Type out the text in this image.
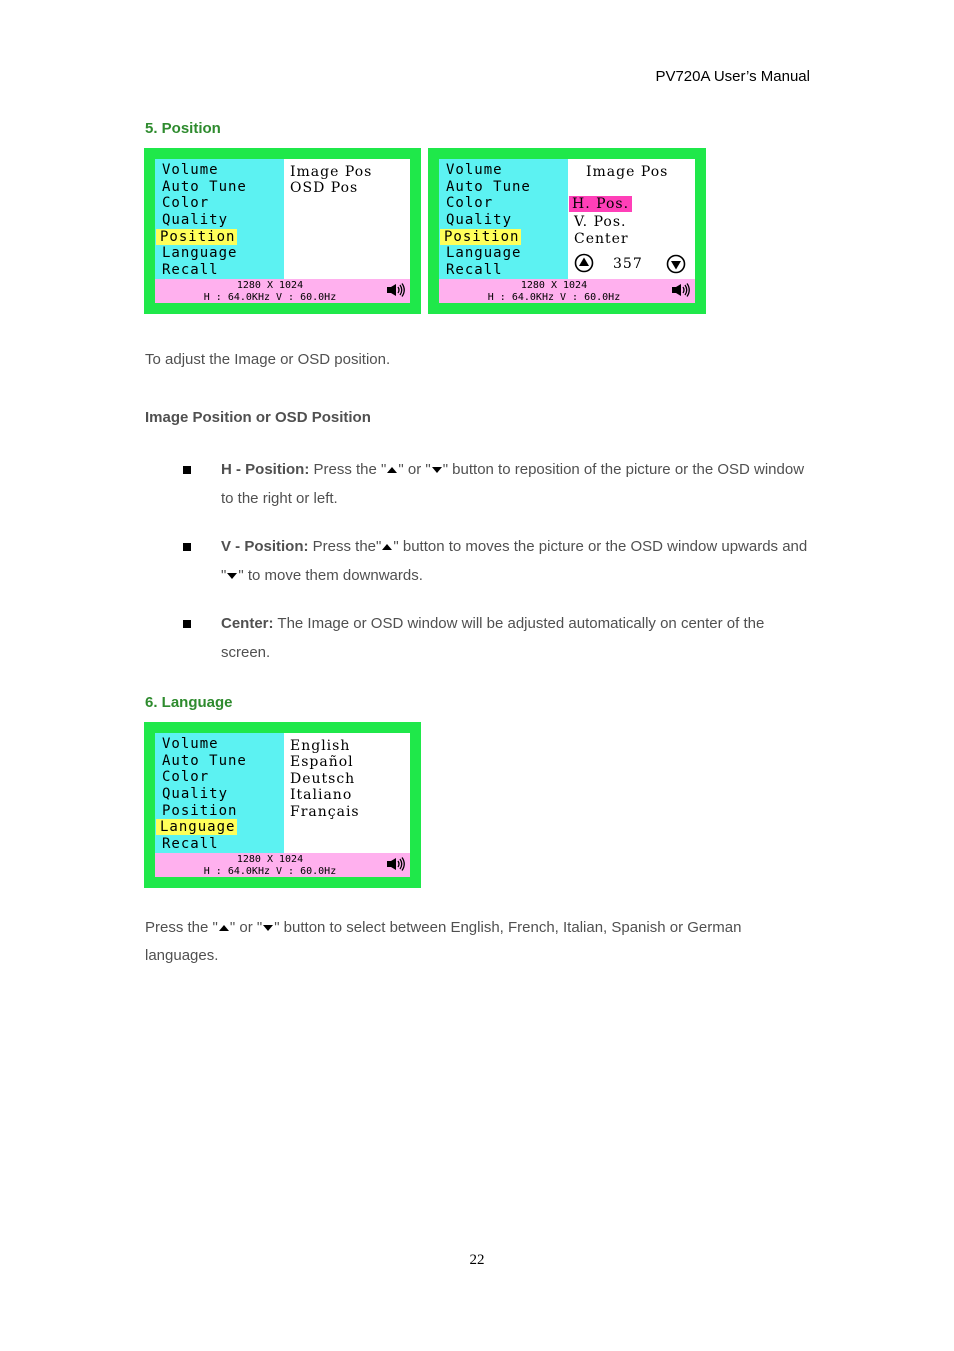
PV720A User’s Manual
5. Position
Volume
Auto Tune
Color
Quality
Position
Language
Recall
Image Pos
OSD Pos
1280 X 1024
H : 64.0KHz V : 60.0Hz
Volume
Auto Tune
Color
Quality
Position
Language
Recall
Image Pos
H. Pos.
V. Pos.
Center
357
1280 X 1024
H : 64.0KHz V : 60.0Hz
To adjust the Image or OSD position.
Image Position or OSD Position
H - Position: Press the " " or " " button to reposition of the picture or the OSD window to the right or left.
V - Position: Press the" " button to moves the picture or the OSD window upwards and " " to move them downwards.
Center: The Image or OSD window will be adjusted automatically on center of the screen.
6. Language
Volume
Auto Tune
Color
Quality
Position
Language
Recall
English
Español
Deutsch
Italiano
Français
1280 X 1024
H : 64.0KHz V : 60.0Hz
Press the " " or " " button to select between English, French, Italian, Spanish or German languages.
22
